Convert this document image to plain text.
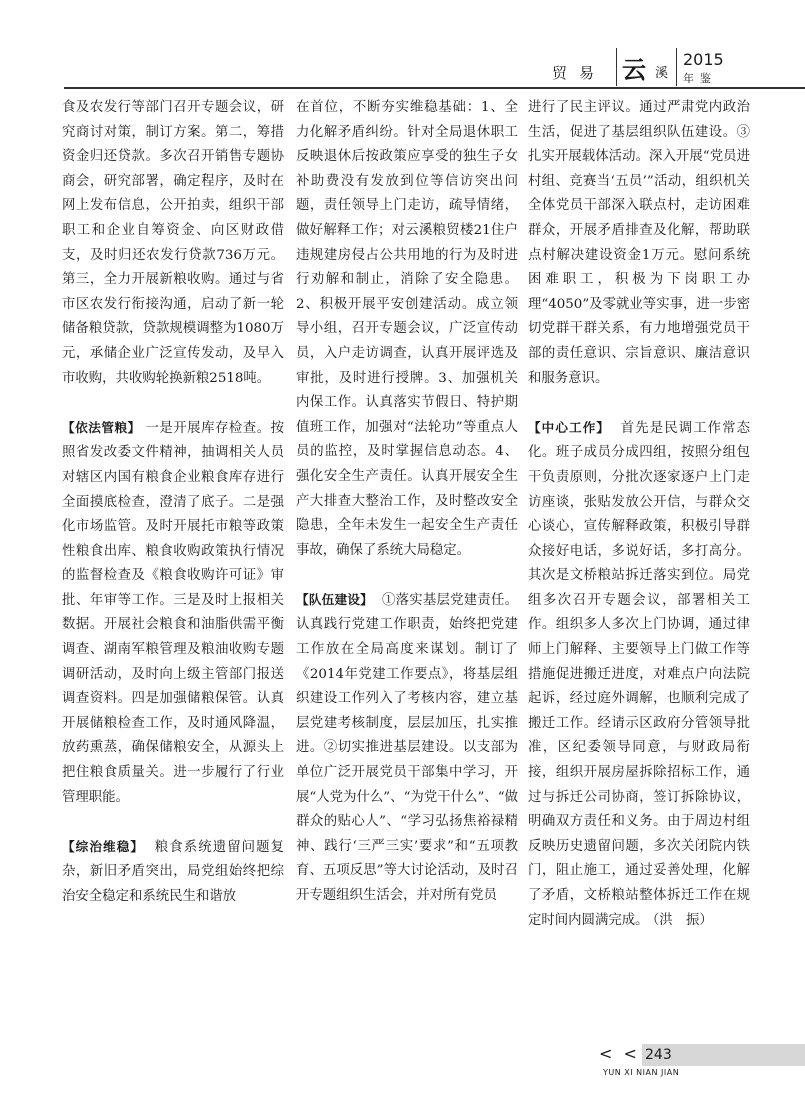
贸易 云 溪
2015
年鉴

食及农发行等部门召开专题会议，研究商讨对策，制订方案。第二，筹措资金归还贷款。多次召开销售专题协商会，研究部署，确定程序，及时在网上发布信息，公开拍卖，组织干部职工和企业自筹资金、向区财政借支，及时归还农发行贷款736万元。第三，全力开展新粮收购。通过与省市区农发行衔接沟通，启动了新一轮储备粮贷款，贷款规模调整为1080万元，承储企业广泛宣传发动，及早入市收购，共收购轮换新粮2518吨。

【依法管粮】 一是开展库存检查。按照省发改委文件精神，抽调相关人员对辖区内国有粮食企业粮食库存进行全面摸底检查，澄清了底子。二是强化市场监管。及时开展托市粮等政策性粮食出库、粮食收购政策执行情况的监督检查及《粮食收购许可证》审批、年审等工作。三是及时上报相关数据。开展社会粮食和油脂供需平衡调查、湖南军粮管理及粮油收购专题调研活动，及时向上级主管部门报送调查资料。四是加强储粮保管。认真开展储粮检查工作，及时通风降温，放药熏蒸，确保储粮安全，从源头上把住粮食质量关。进一步履行了行业管理职能。

【综治维稳】 粮食系统遗留问题复杂，新旧矛盾突出，局党组始终把综治安全稳定和系统民生和谐放

在首位，不断夯实维稳基础：1、全力化解矛盾纠纷。针对全局退休职工反映退休后按政策应享受的独生子女补助费没有发放到位等信访突出问题，责任领导上门走访，疏导情绪，做好解释工作；对云溪粮贸楼21住户违规建房侵占公共用地的行为及时进行劝解和制止，消除了安全隐患。2、积极开展平安创建活动。成立领导小组，召开专题会议，广泛宣传动员，入户走访调查，认真开展评选及审批，及时进行授牌。3、加强机关内保工作。认真落实节假日、特护期值班工作，加强对“法轮功”等重点人员的监控，及时掌握信息动态。4、强化安全生产责任。认真开展安全生产大排查大整治工作，及时整改安全隐患，全年未发生一起安全生产责任事故，确保了系统大局稳定。

【队伍建设】 ①落实基层党建责任。认真践行党建工作职责，始终把党建工作放在全局高度来谋划。制订了《2014年党建工作要点》，将基层组织建设工作列入了考核内容，建立基层党建考核制度，层层加压，扎实推进。②切实推进基层建设。以支部为单位广泛开展党员干部集中学习，开展“人党为什么”、“为党干什么”、“做群众的贴心人”、“学习弘扬焦裕禄精神、践行‘三严三实’要求”和“五项教育、五项反思”等大讨论活动，及时召开专题组织生活会，并对所有党员

进行了民主评议。通过严肃党内政治生活，促进了基层组织队伍建设。③扎实开展载体活动。深入开展“党员进村组、竞赛当‘五员’”活动，组织机关全体党员干部深入联点村，走访困难群众，开展矛盾排查及化解，帮助联点村解决建设资金1万元。慰问系统困难职工，积极为下岗职工办理“4050”及零就业等实事，进一步密切党群干群关系，有力地增强党员干部的责任意识、宗旨意识、廉洁意识和服务意识。

【中心工作】 首先是民调工作常态化。班子成员分成四组，按照分组包干负责原则，分批次逐家逐户上门走访座谈，张贴发放公开信，与群众交心谈心，宣传解释政策，积极引导群众接好电话，多说好话，多打高分。其次是文桥粮站拆迁落实到位。局党组多次召开专题会议，部署相关工作。组织多人多次上门协调，通过律师上门解释、主要领导上门做工作等措施促进搬迁进度，对难点户向法院起诉，经过庭外调解，也顺利完成了搬迁工作。经请示区政府分管领导批准，区纪委领导同意，与财政局衔接，组织开展房屋拆除招标工作，通过与拆迁公司协商，签订拆除协议，明确双方责任和义务。由于周边村组反映历史遗留问题，多次关闭院内铁门，阻止施工，通过妥善处理，化解了矛盾，文桥粮站整体拆迁工作在规定时间内圆满完成。 （洪　振）

< < 243
YUN XI NIAN JIAN
